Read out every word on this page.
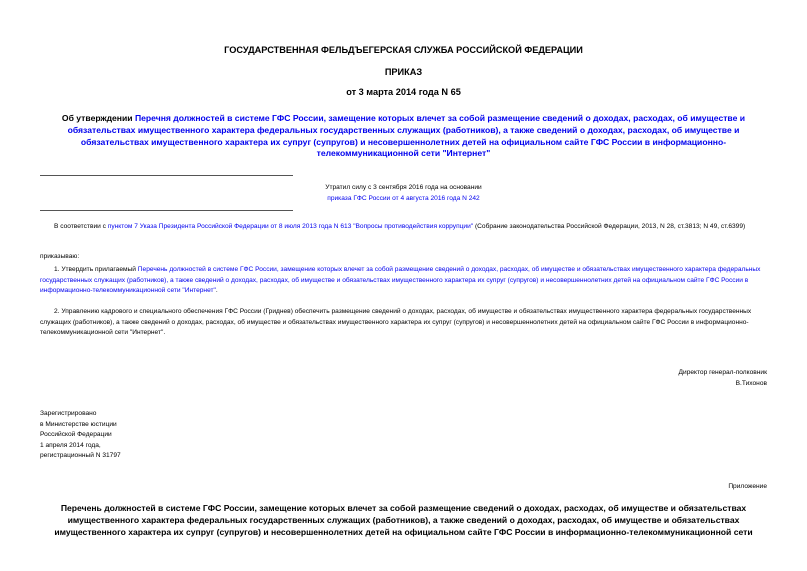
ГОСУДАРСТВЕННАЯ ФЕЛЬДЪЕГЕРСКАЯ СЛУЖБА РОССИЙСКОЙ ФЕДЕРАЦИИ
ПРИКАЗ
от 3 марта 2014 года N 65
Об утверждении Перечня должностей в системе ГФС России, замещение которых влечет за собой размещение сведений о доходах, расходах, об имуществе и обязательствах имущественного характера федеральных государственных служащих (работников), а также сведений о доходах, расходах, об имуществе и обязательствах имущественного характера их супруг (супругов) и несовершеннолетних детей на официальном сайте ГФС России в информационно-телекоммуникационной сети "Интернет"
Утратил силу с 3 сентября 2016 года на основании
приказа ГФС России от 4 августа 2016 года N 242
В соответствии с пунктом 7 Указа Президента Российской Федерации от 8 июля 2013 года N 613 "Вопросы противодействия коррупции" (Собрание законодательства Российской Федерации, 2013, N 28, ст.3813; N 49, ст.6399)
приказываю:
1. Утвердить прилагаемый Перечень должностей в системе ГФС России, замещение которых влечет за собой размещение сведений о доходах, расходах, об имуществе и обязательствах имущественного характера федеральных государственных служащих (работников), а также сведений о доходах, расходах, об имуществе и обязательствах имущественного характера их супруг (супругов) и несовершеннолетних детей на официальном сайте ГФС России в информационно-телекоммуникационной сети "Интернет".
2. Управлению кадрового и специального обеспечения ГФС России (Гриднев) обеспечить размещение сведений о доходах, расходах, об имуществе и обязательствах имущественного характера федеральных государственных служащих (работников), а также сведений о доходах, расходах, об имуществе и обязательствах имущественного характера их супруг (супругов) и несовершеннолетних детей на официальном сайте ГФС России в информационно-телекоммуникационной сети "Интернет".
Директор генерал-полковник
В.Тихонов
Зарегистрировано
в Министерстве юстиции
Российской Федерации
1 апреля 2014 года,
регистрационный N 31797
Приложение
Перечень должностей в системе ГФС России, замещение которых влечет за собой размещение сведений о доходах, расходах, об имуществе и обязательствах имущественного характера федеральных государственных служащих (работников), а также сведений о доходах, расходах, об имуществе и обязательствах имущественного характера их супруг (супругов) и несовершеннолетних детей на официальном сайте ГФС России в информационно-телекоммуникационной сети
